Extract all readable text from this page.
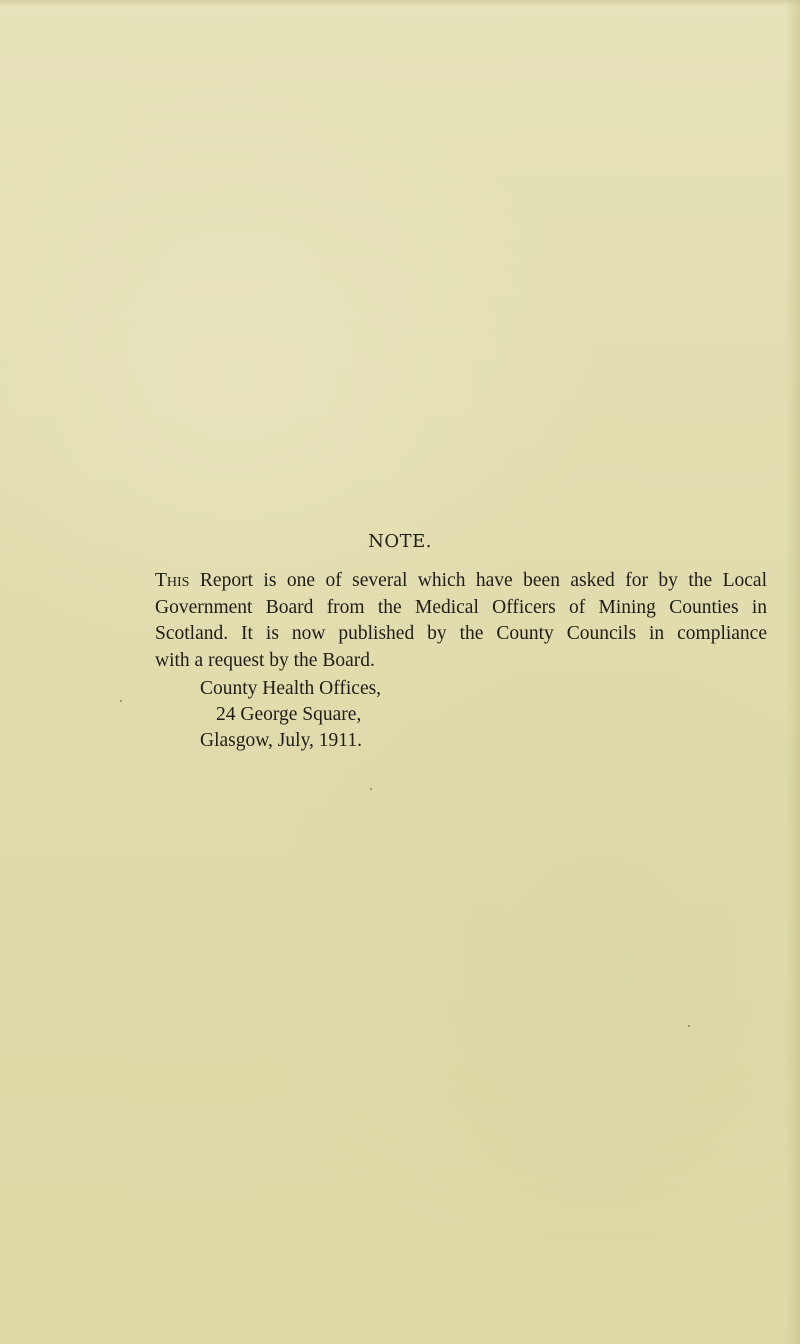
NOTE.
This Report is one of several which have been asked for by the Local
Government Board from the Medical Officers of Mining Counties in
Scotland. It is now published by the County Councils in compliance
with a request by the Board.
County Health Offices,
24 George Square,
Glasgow, July, 1911.
